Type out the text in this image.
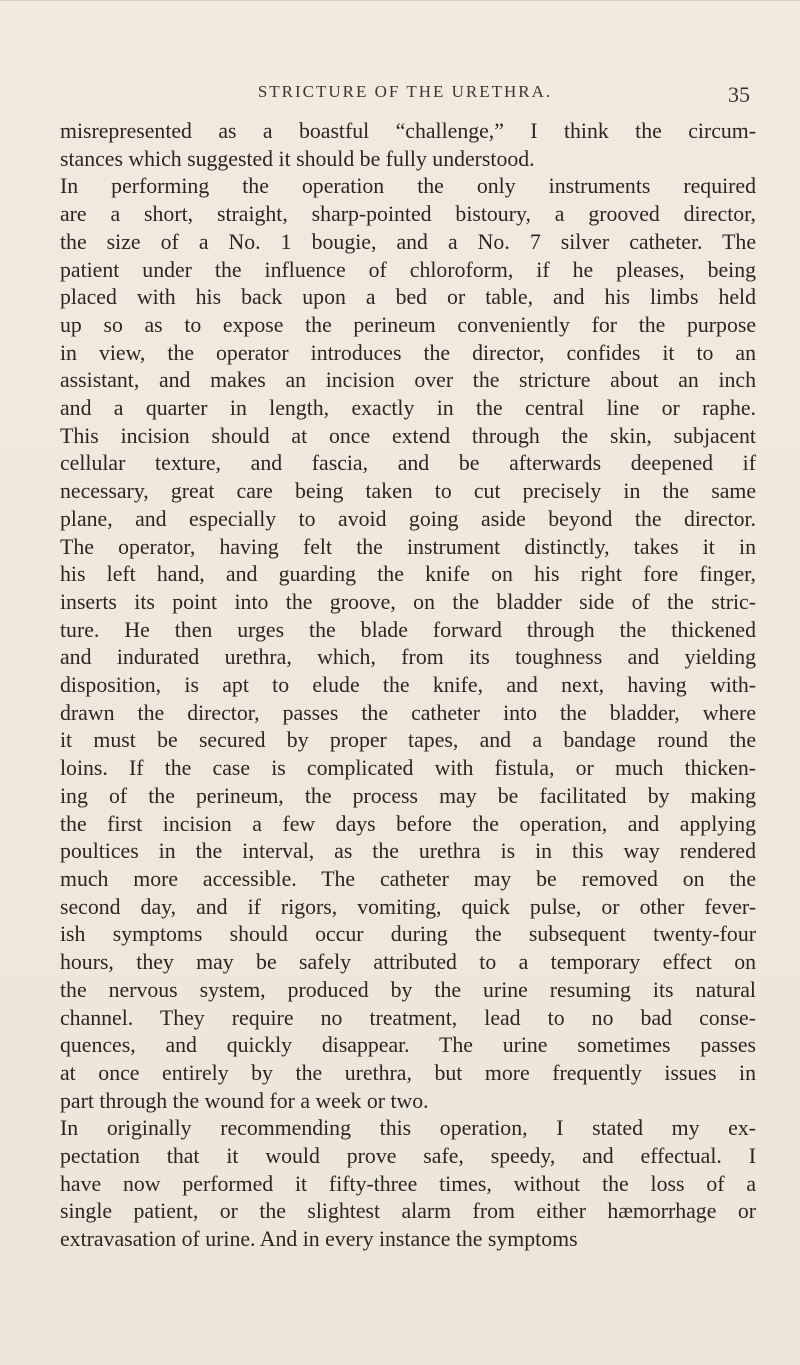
STRICTURE OF THE URETHRA.	35
misrepresented as a boastful “challenge,” I think the circum-
stances which suggested it should be fully understood.
In performing the operation the only instruments required
are a short, straight, sharp-pointed bistoury, a grooved director,
the size of a No. 1 bougie, and a No. 7 silver catheter. The
patient under the influence of chloroform, if he pleases, being
placed with his back upon a bed or table, and his limbs held
up so as to expose the perineum conveniently for the purpose
in view, the operator introduces the director, confides it to an
assistant, and makes an incision over the stricture about an inch
and a quarter in length, exactly in the central line or raphe.
This incision should at once extend through the skin, subjacent
cellular texture, and fascia, and be afterwards deepened if
necessary, great care being taken to cut precisely in the same
plane, and especially to avoid going aside beyond the director.
The operator, having felt the instrument distinctly, takes it in
his left hand, and guarding the knife on his right fore finger,
inserts its point into the groove, on the bladder side of the stric-
ture. He then urges the blade forward through the thickened
and indurated urethra, which, from its toughness and yielding
disposition, is apt to elude the knife, and next, having with-
drawn the director, passes the catheter into the bladder, where
it must be secured by proper tapes, and a bandage round the
loins. If the case is complicated with fistula, or much thicken-
ing of the perineum, the process may be facilitated by making
the first incision a few days before the operation, and applying
poultices in the interval, as the urethra is in this way rendered
much more accessible. The catheter may be removed on the
second day, and if rigors, vomiting, quick pulse, or other fever-
ish symptoms should occur during the subsequent twenty-four
hours, they may be safely attributed to a temporary effect on
the nervous system, produced by the urine resuming its natural
channel. They require no treatment, lead to no bad conse-
quences, and quickly disappear. The urine sometimes passes
at once entirely by the urethra, but more frequently issues in
part through the wound for a week or two.
In originally recommending this operation, I stated my ex-
pectation that it would prove safe, speedy, and effectual. I
have now performed it fifty-three times, without the loss of a
single patient, or the slightest alarm from either hæmorrhage or
extravasation of urine. And in every instance the symptoms
